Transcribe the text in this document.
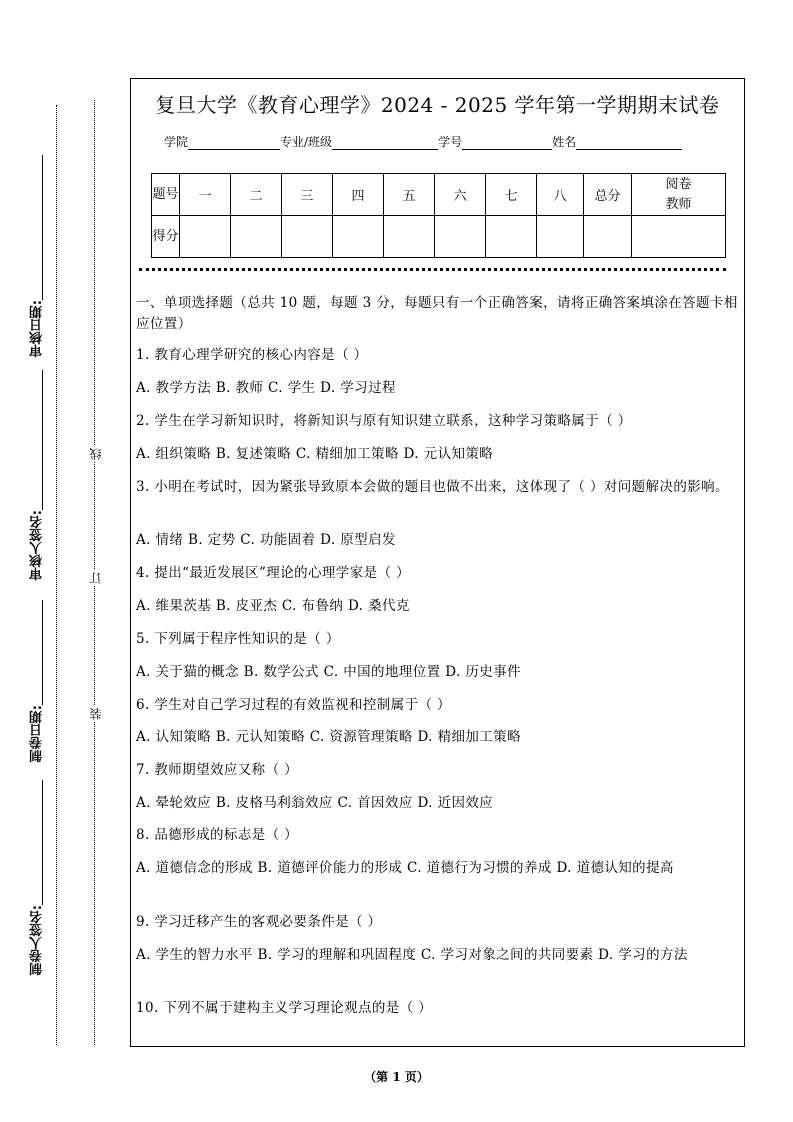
审核日期:
审核人签名:
制卷日期:
制卷人签名:
线
订
装
复旦大学《教育心理学》2024 - 2025 学年第一学期期末试卷
学院	专业/班级	学号	姓名
题号	一	二	三	四	五	六	七	八	总分	阅卷教师
得分										
一、单项选择题（总共 10 题，每题 3 分，每题只有一个正确答案，请将正确答案填涂在答题卡相应位置）
1. 教育心理学研究的核心内容是（ ）
A. 教学方法 B. 教师 C. 学生 D. 学习过程
2. 学生在学习新知识时，将新知识与原有知识建立联系，这种学习策略属于（ ）
A. 组织策略 B. 复述策略 C. 精细加工策略 D. 元认知策略
3. 小明在考试时，因为紧张导致原本会做的题目也做不出来，这体现了（ ）对问题解决的影响。
A. 情绪 B. 定势 C. 功能固着 D. 原型启发
4. 提出“最近发展区”理论的心理学家是（ ）
A. 维果茨基 B. 皮亚杰 C. 布鲁纳 D. 桑代克
5. 下列属于程序性知识的是（ ）
A. 关于猫的概念 B. 数学公式 C. 中国的地理位置 D. 历史事件
6. 学生对自己学习过程的有效监视和控制属于（ ）
A. 认知策略 B. 元认知策略 C. 资源管理策略 D. 精细加工策略
7. 教师期望效应又称（ ）
A. 晕轮效应 B. 皮格马利翁效应 C. 首因效应 D. 近因效应
8. 品德形成的标志是（ ）
A. 道德信念的形成 B. 道德评价能力的形成 C. 道德行为习惯的养成 D. 道德认知的提高
9. 学习迁移产生的客观必要条件是（ ）
A. 学生的智力水平 B. 学习的理解和巩固程度 C. 学习对象之间的共同要素 D. 学习的方法
10. 下列不属于建构主义学习理论观点的是（ ）
（第 1 页）
